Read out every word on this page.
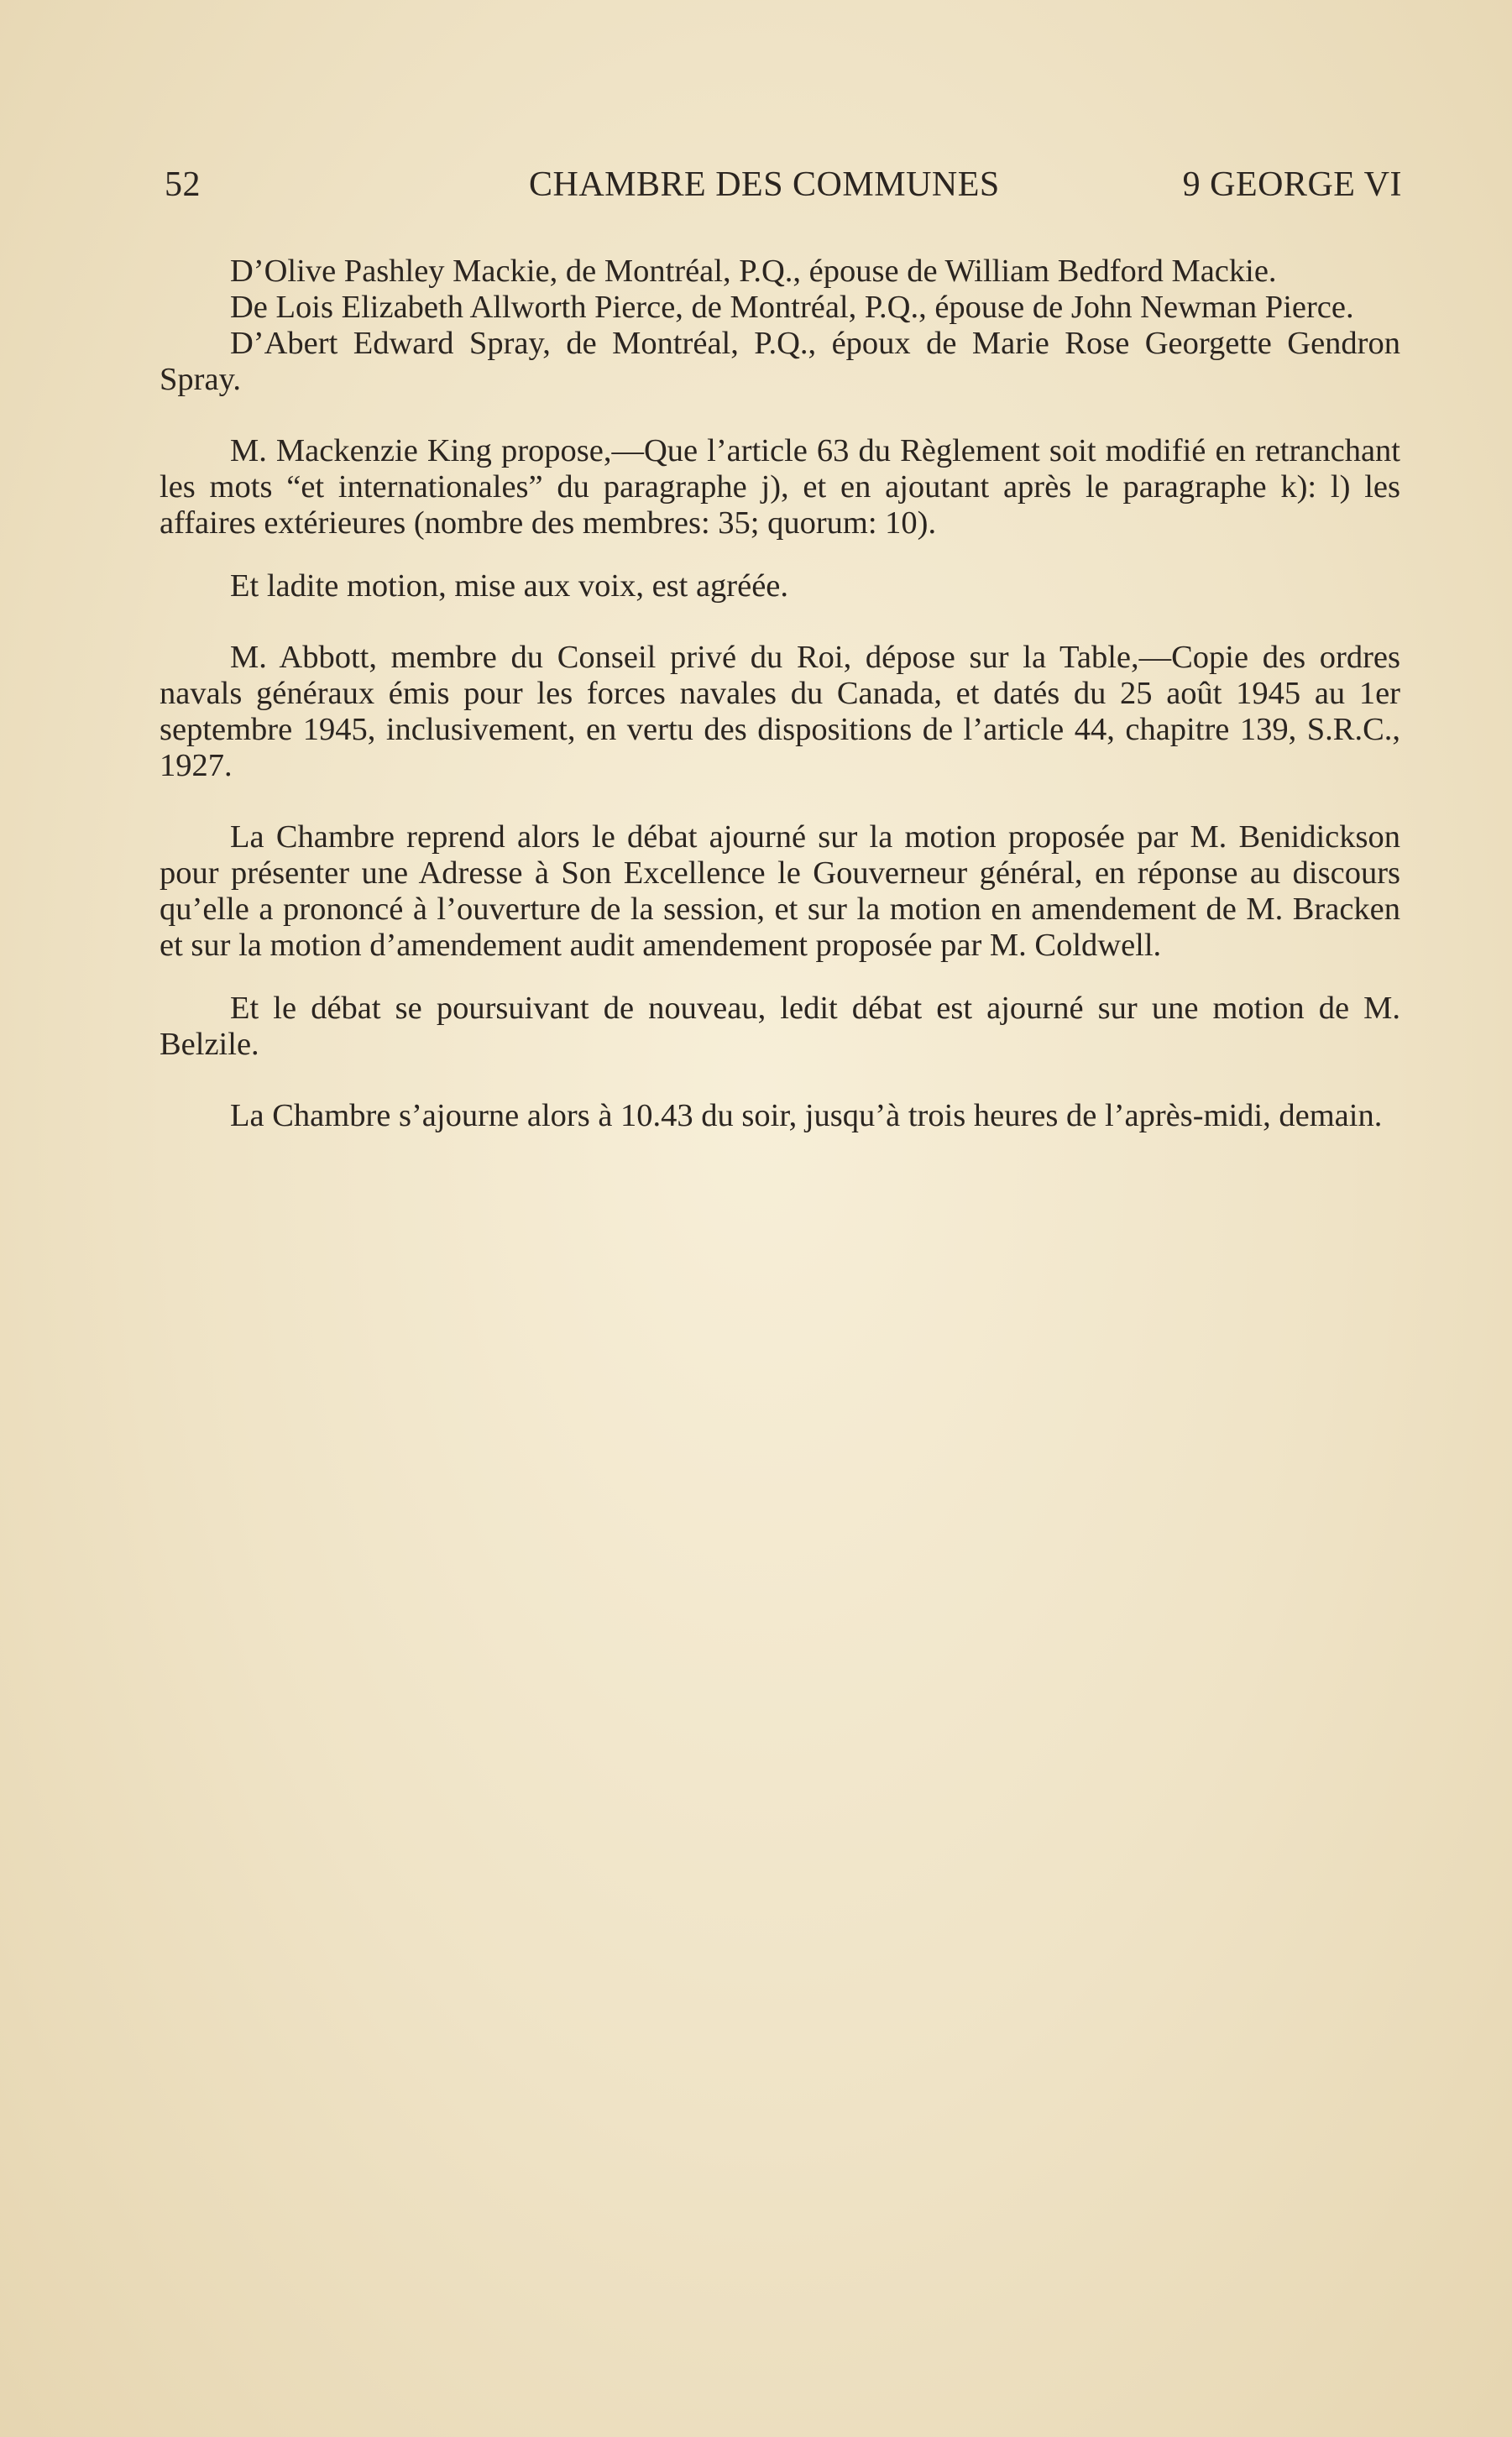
52	CHAMBRE DES COMMUNES	9 GEORGE VI

D’Olive Pashley Mackie, de Montréal, P.Q., épouse de William Bedford Mackie.

De Lois Elizabeth Allworth Pierce, de Montréal, P.Q., épouse de John Newman Pierce.

D’Abert Edward Spray, de Montréal, P.Q., époux de Marie Rose Georgette Gendron Spray.

M. Mackenzie King propose,—Que l’article 63 du Règlement soit modifié en retranchant les mots “et internationales” du paragraphe j), et en ajoutant après le paragraphe k): l) les affaires extérieures (nombre des membres: 35; quorum: 10).

Et ladite motion, mise aux voix, est agréée.

M. Abbott, membre du Conseil privé du Roi, dépose sur la Table,—Copie des ordres navals généraux émis pour les forces navales du Canada, et datés du 25 août 1945 au 1er septembre 1945, inclusivement, en vertu des dispositions de l’article 44, chapitre 139, S.R.C., 1927.

La Chambre reprend alors le débat ajourné sur la motion proposée par M. Benidickson pour présenter une Adresse à Son Excellence le Gouverneur général, en réponse au discours qu’elle a prononcé à l’ouverture de la session, et sur la motion en amendement de M. Bracken et sur la motion d’amendement audit amendement proposée par M. Coldwell.

Et le débat se poursuivant de nouveau, ledit débat est ajourné sur une motion de M. Belzile.

La Chambre s’ajourne alors à 10.43 du soir, jusqu’à trois heures de l’après-midi, demain.
